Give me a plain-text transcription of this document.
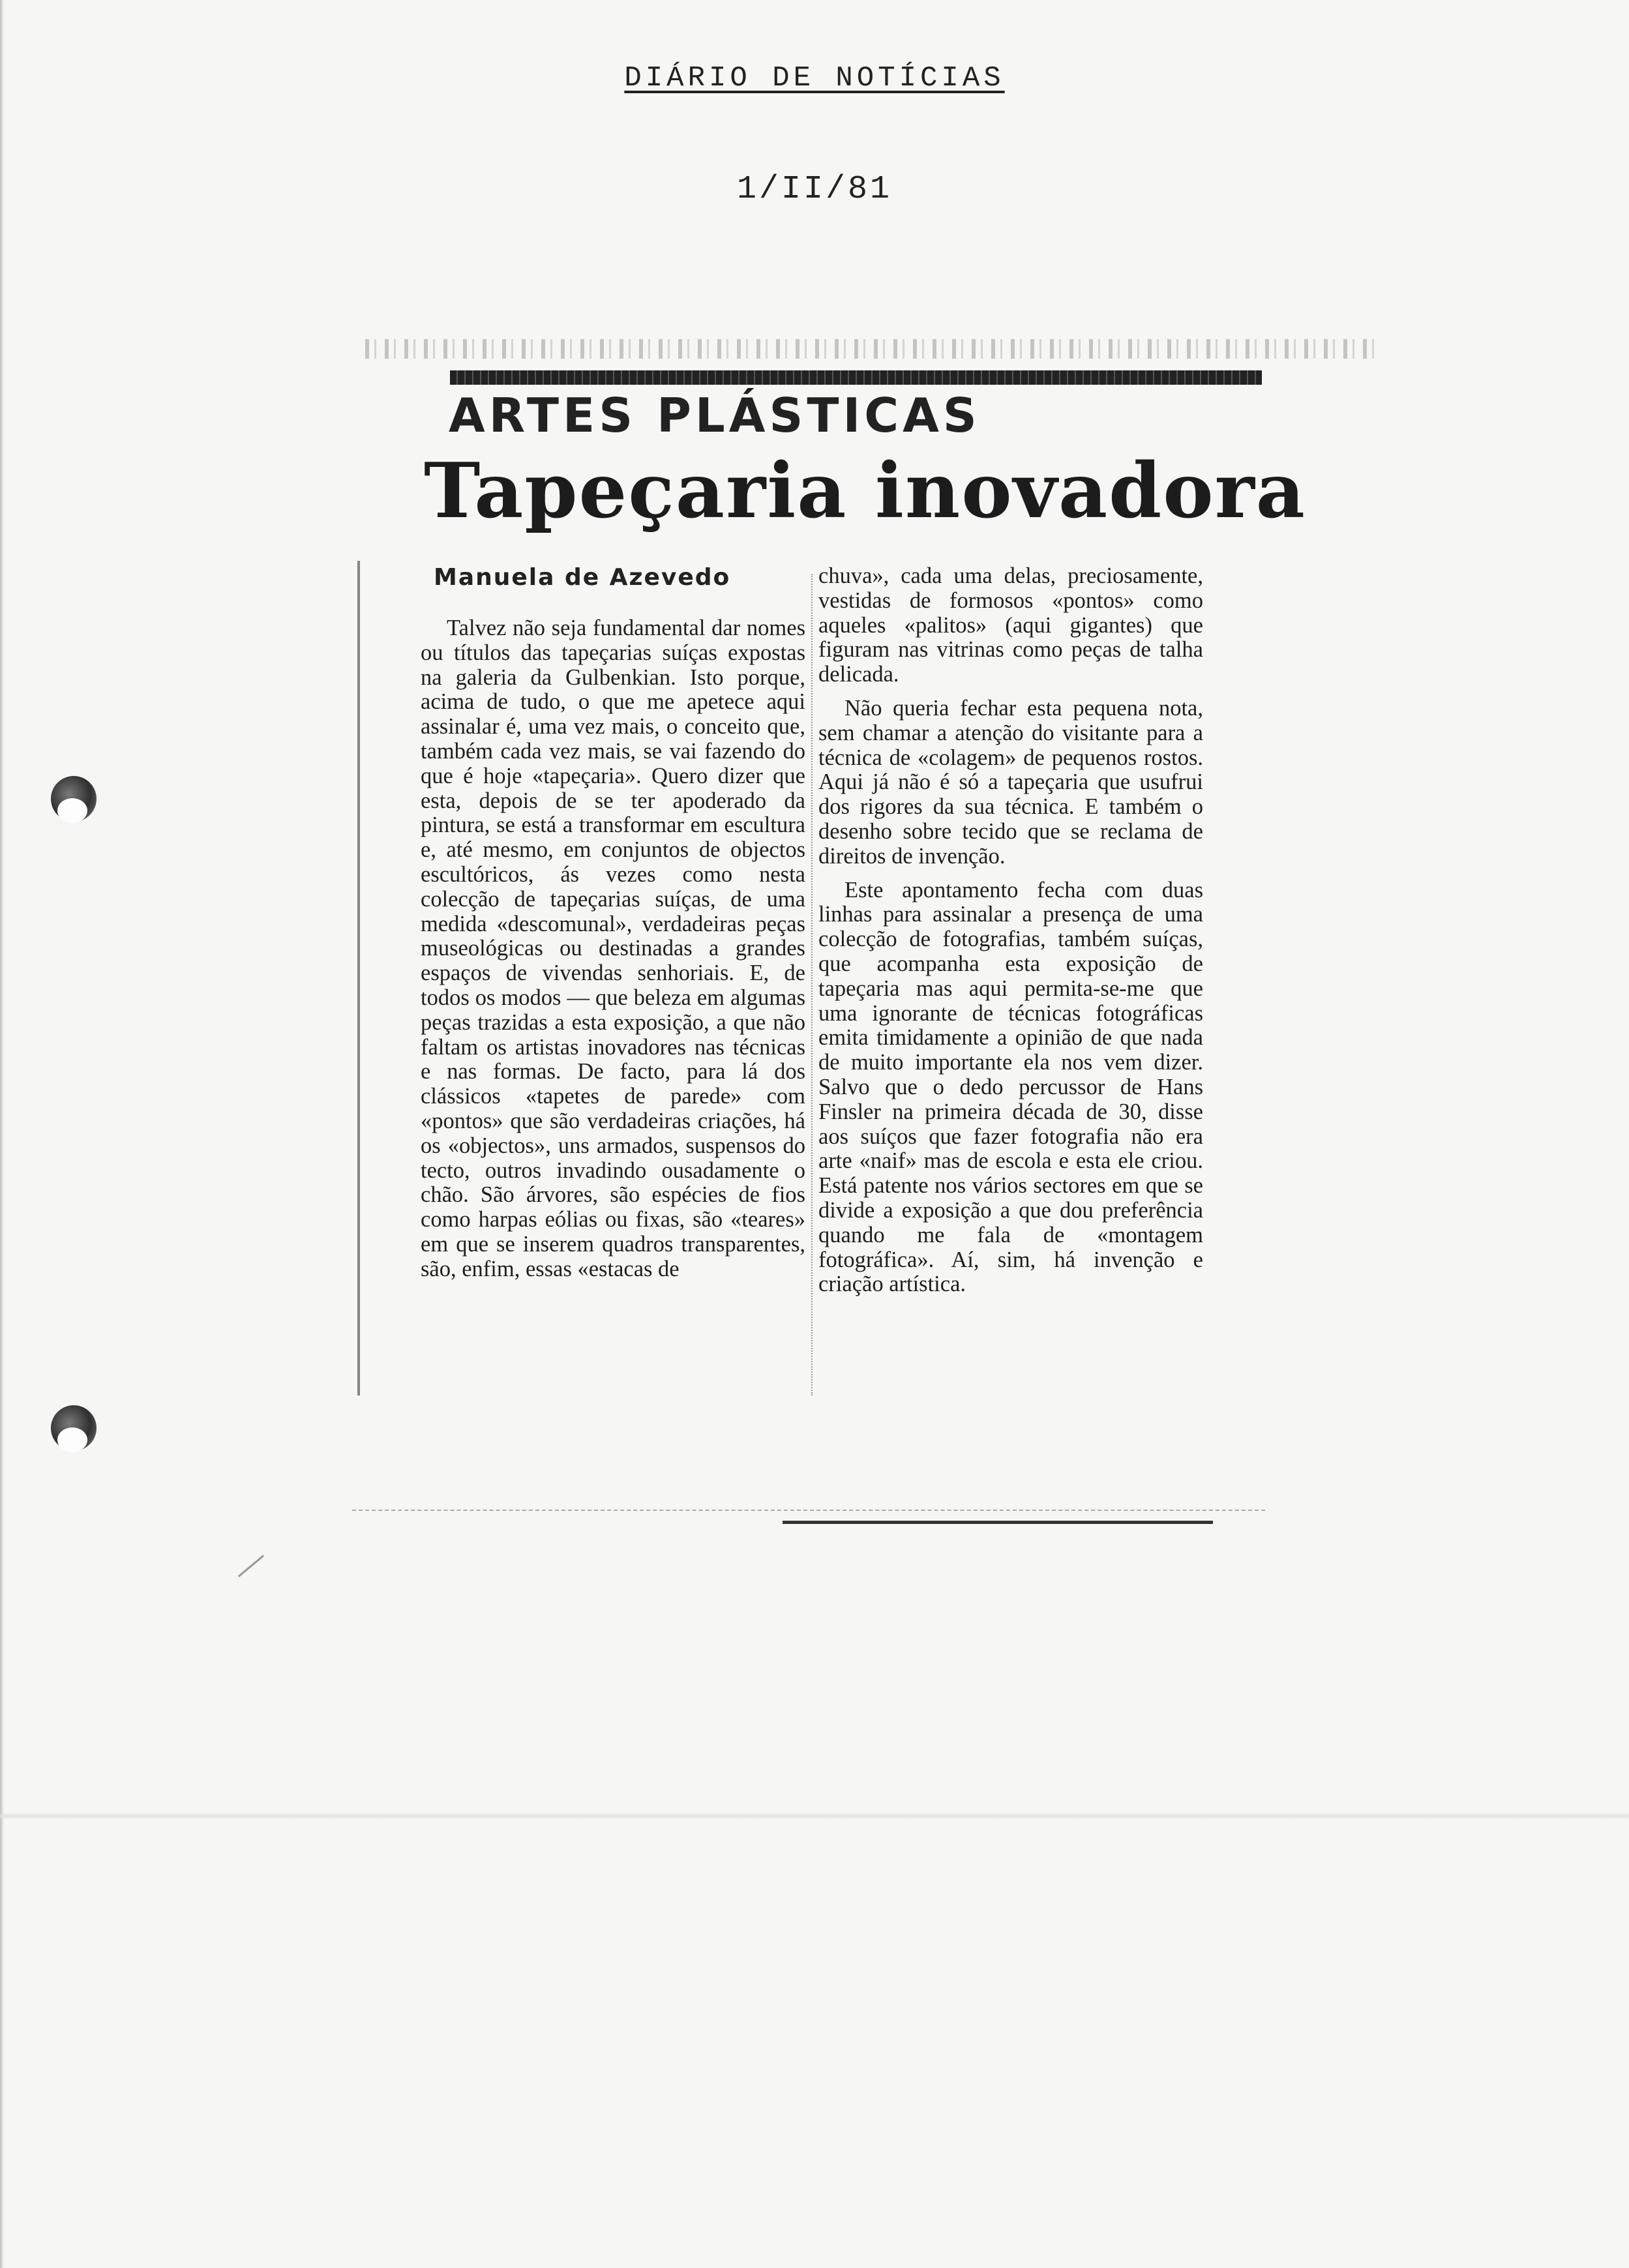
DIÁRIO DE NOTÍCIAS
1/II/81
ARTES PLÁSTICAS
Tapeçaria inovadora
Manuela de Azevedo

Talvez não seja fundamental dar nomes ou títulos das tapeçarias suíças expostas na galeria da Gulbenkian. Isto porque, acima de tudo, o que me apetece aqui assinalar é, uma vez mais, o conceito que, também cada vez mais, se vai fazendo do que é hoje «tapeçaria». Quero dizer que esta, depois de se ter apoderado da pintura, se está a transformar em escultura e, até mesmo, em conjuntos de objectos escultóricos, ás vezes como nesta colecção de tapeçarias suíças, de uma medida «descomunal», verdadeiras peças museológicas ou destinadas a grandes espaços de vivendas senhoriais. E, de todos os modos — que beleza em algumas peças trazidas a esta exposição, a que não faltam os artistas inovadores nas técnicas e nas formas. De facto, para lá dos clássicos «tapetes de parede» com «pontos» que são verdadeiras criações, há os «objectos», uns armados, suspensos do tecto, outros invadindo ousadamente o chão. São árvores, são espécies de fios como harpas eólias ou fixas, são «teares» em que se inserem quadros transparentes, são, enfim, essas «estacas de

chuva», cada uma delas, preciosamente, vestidas de formosos «pontos» como aqueles «palitos» (aqui gigantes) que figuram nas vitrinas como peças de talha delicada.

Não queria fechar esta pequena nota, sem chamar a atenção do visitante para a técnica de «colagem» de pequenos rostos. Aqui já não é só a tapeçaria que usufrui dos rigores da sua técnica. E também o desenho sobre tecido que se reclama de direitos de invenção.

Este apontamento fecha com duas linhas para assinalar a presença de uma colecção de fotografias, também suíças, que acompanha esta exposição de tapeçaria mas aqui permita-se-me que uma ignorante de técnicas fotográficas emita timidamente a opinião de que nada de muito importante ela nos vem dizer. Salvo que o dedo percussor de Hans Finsler na primeira década de 30, disse aos suíços que fazer fotografia não era arte «naif» mas de escola e esta ele criou. Está patente nos vários sectores em que se divide a exposição a que dou preferência quando me fala de «montagem fotográfica». Aí, sim, há invenção e criação artística.
